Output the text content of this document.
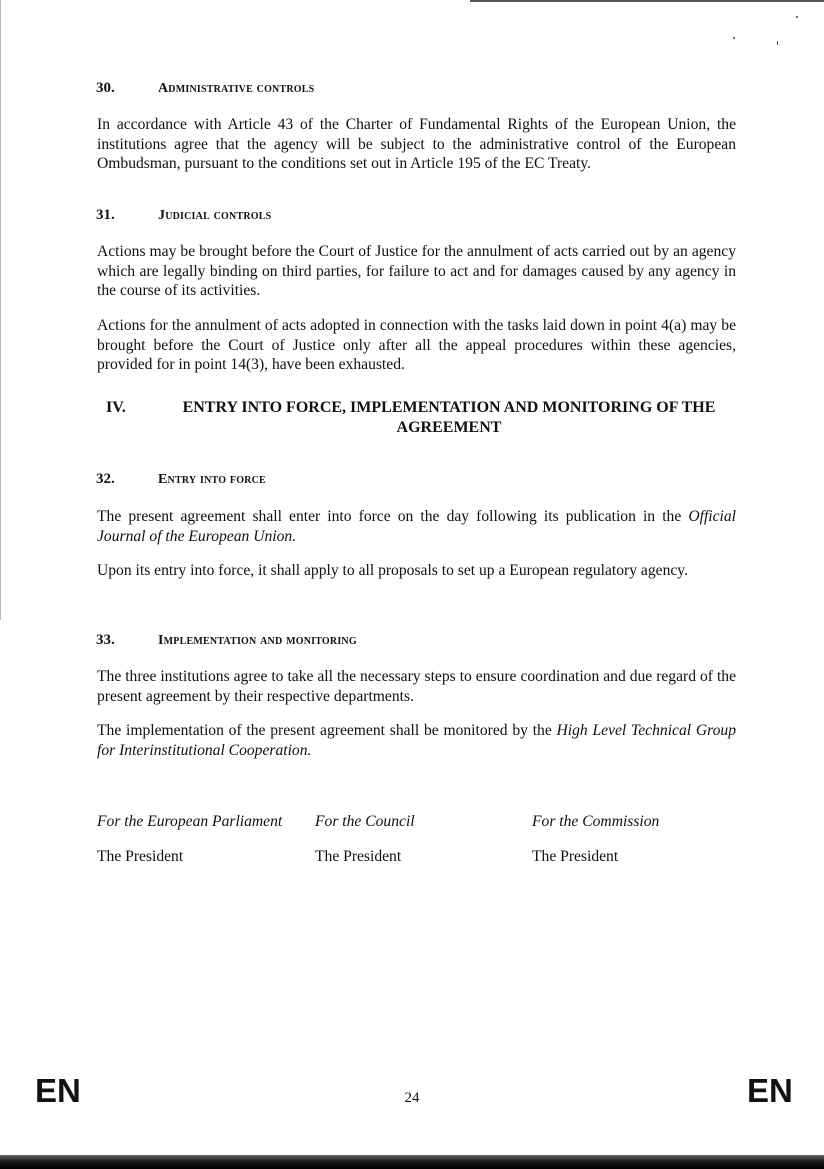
30.	Administrative controls

In accordance with Article 43 of the Charter of Fundamental Rights of the European Union, the institutions agree that the agency will be subject to the administrative control of the European Ombudsman, pursuant to the conditions set out in Article 195 of the EC Treaty.

31.	Judicial controls

Actions may be brought before the Court of Justice for the annulment of acts carried out by an agency which are legally binding on third parties, for failure to act and for damages caused by any agency in the course of its activities.

Actions for the annulment of acts adopted in connection with the tasks laid down in point 4(a) may be brought before the Court of Justice only after all the appeal procedures within these agencies, provided for in point 14(3), have been exhausted.

IV.	ENTRY INTO FORCE, IMPLEMENTATION AND MONITORING OF THE AGREEMENT
32.	Entry into force

The present agreement shall enter into force on the day following its publication in the Official Journal of the European Union.

Upon its entry into force, it shall apply to all proposals to set up a European regulatory agency.

33.	Implementation and monitoring

The three institutions agree to take all the necessary steps to ensure coordination and due regard of the present agreement by their respective departments.

The implementation of the present agreement shall be monitored by the High Level Technical Group for Interinstitutional Cooperation.

For the European Parliament For the Council	For the Commission
The President	The President	The President
EN	24	EN
